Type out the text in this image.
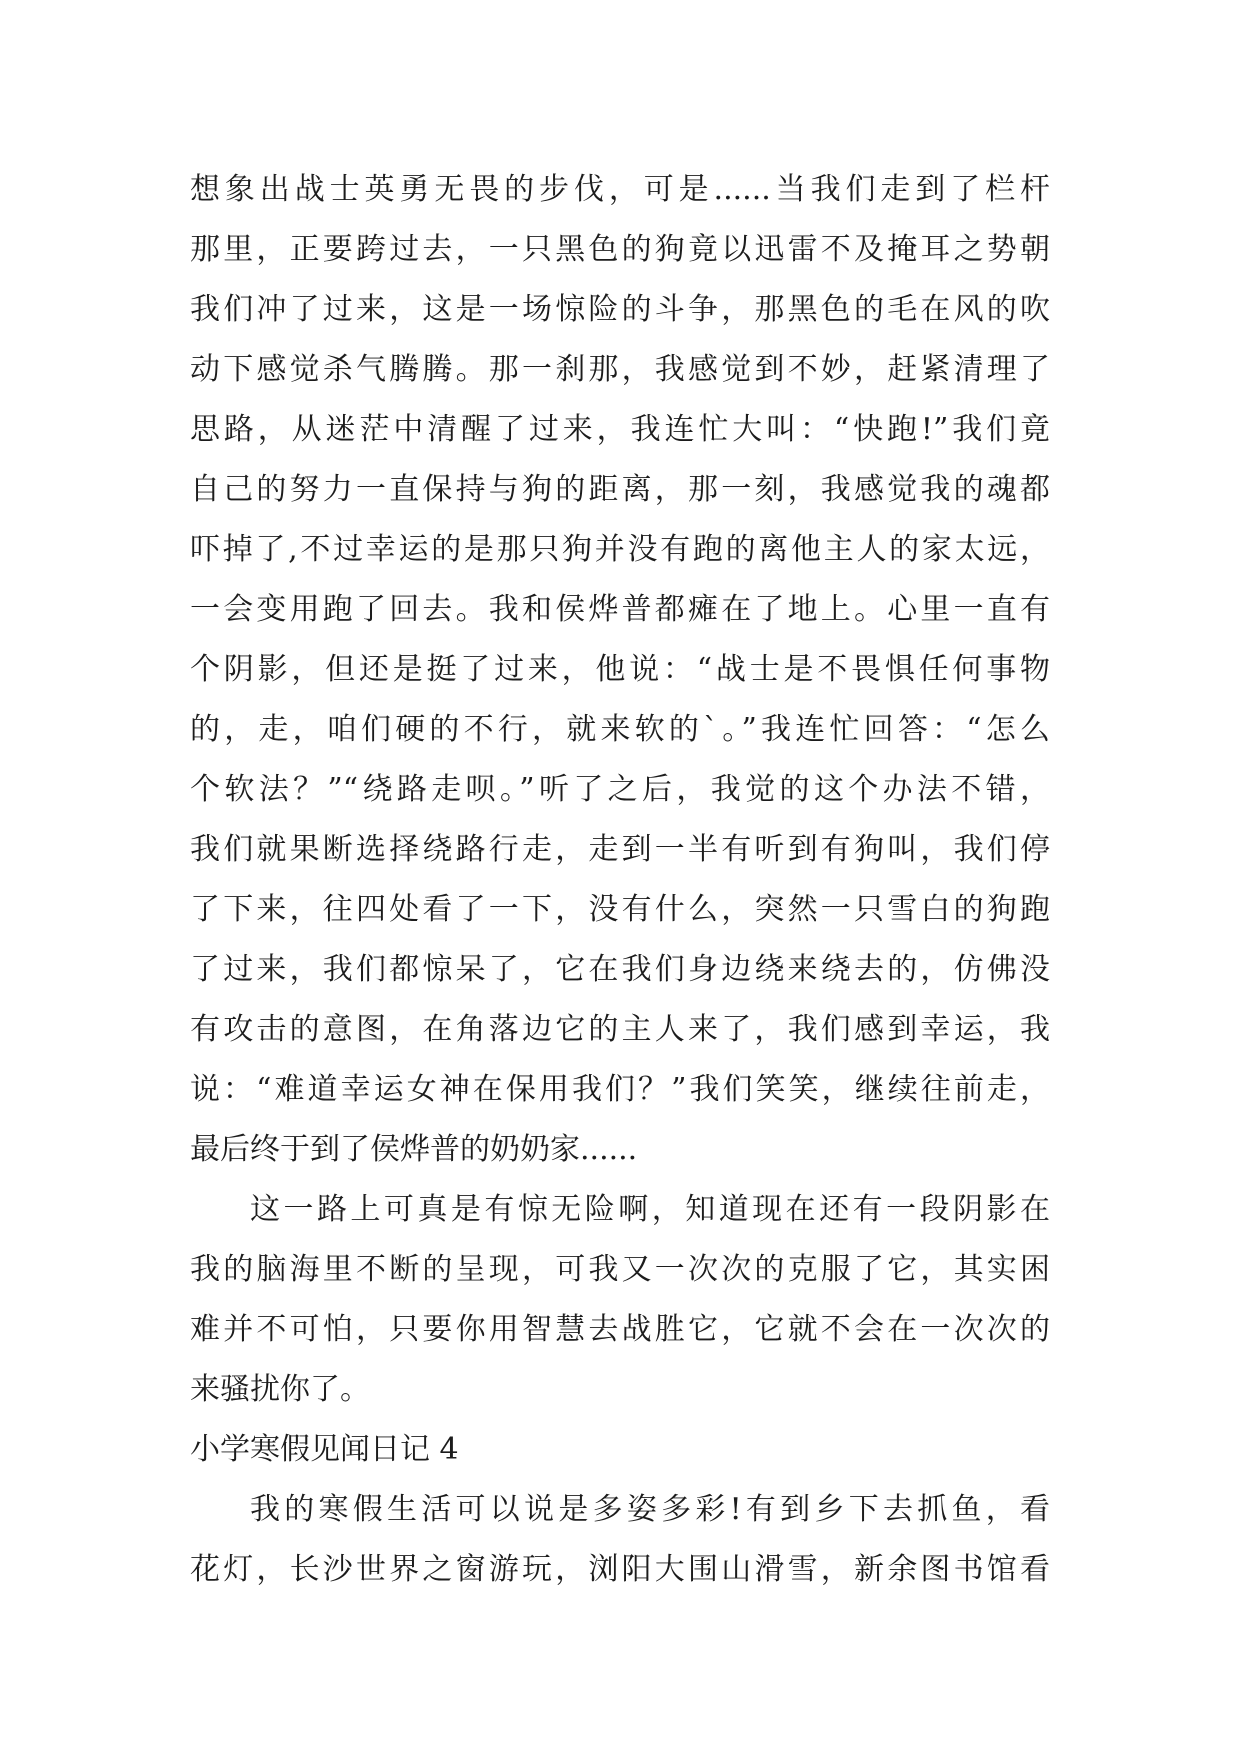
想象出战士英勇无畏的步伐，可是......当我们走到了栏杆
那里，正要跨过去，一只黑色的狗竟以迅雷不及掩耳之势朝
我们冲了过来，这是一场惊险的斗争，那黑色的毛在风的吹
动下感觉杀气腾腾。那一刹那，我感觉到不妙，赶紧清理了
思路，从迷茫中清醒了过来，我连忙大叫：“快跑!”我们竟
自己的努力一直保持与狗的距离，那一刻，我感觉我的魂都
吓掉了,不过幸运的是那只狗并没有跑的离他主人的家太远，
一会变用跑了回去。我和侯烨普都瘫在了地上。心里一直有
个阴影，但还是挺了过来，他说：“战士是不畏惧任何事物
的，走，咱们硬的不行，就来软的`。”我连忙回答：“怎么
个软法？”“绕路走呗。”听了之后，我觉的这个办法不错，
我们就果断选择绕路行走，走到一半有听到有狗叫，我们停
了下来，往四处看了一下，没有什么，突然一只雪白的狗跑
了过来，我们都惊呆了，它在我们身边绕来绕去的，仿佛没
有攻击的意图，在角落边它的主人来了，我们感到幸运，我
说：“难道幸运女神在保用我们？”我们笑笑，继续往前走，
最后终于到了侯烨普的奶奶家......
这一路上可真是有惊无险啊，知道现在还有一段阴影在
我的脑海里不断的呈现，可我又一次次的克服了它，其实困
难并不可怕，只要你用智慧去战胜它，它就不会在一次次的
来骚扰你了。
小学寒假见闻日记 4
我的寒假生活可以说是多姿多彩!有到乡下去抓鱼，看
花灯，长沙世界之窗游玩，浏阳大围山滑雪，新余图书馆看
